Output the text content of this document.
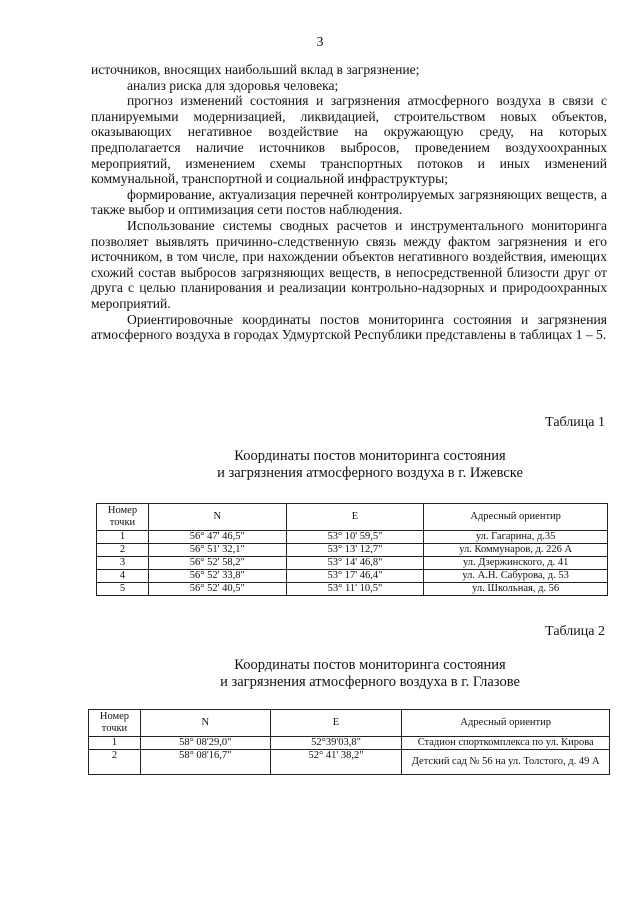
3

источников, вносящих наибольший вклад в загрязнение;

анализ риска для здоровья человека;

прогноз изменений состояния и загрязнения атмосферного воздуха в связи с планируемыми модернизацией, ликвидацией, строительством новых объектов, оказывающих негативное воздействие на окружающую среду, на которых предполагается наличие источников выбросов, проведением воздухоохранных мероприятий, изменением схемы транспортных потоков и иных изменений коммунальной, транспортной и социальной инфраструктуры;

формирование, актуализация перечней контролируемых загрязняющих веществ, а также выбор и оптимизация сети постов наблюдения.

Использование системы сводных расчетов и инструментального мониторинга позволяет выявлять причинно-следственную связь между фактом загрязнения и его источником, в том числе, при нахождении объектов негативного воздействия, имеющих схожий состав выбросов загрязняющих веществ, в непосредственной близости друг от друга с целью планирования и реализации контрольно-надзорных и природоохранных мероприятий.

Ориентировочные координаты постов мониторинга состояния и загрязнения атмосферного воздуха в городах Удмуртской Республики представлены в таблицах 1 – 5.

Таблица 1
Координаты постов мониторинга состояния
и загрязнения атмосферного воздуха в г. Ижевске
Номер точки	N	E	Адресный ориентир
1	56° 47' 46,5"	53° 10' 59,5"	ул. Гагарина, д.35
2	56° 51' 32,1"	53° 13' 12,7"	ул. Коммунаров, д. 226 А
3	56° 52' 58,2"	53° 14' 46,8"	ул. Дзержинского, д. 41
4	56° 52' 33,8"	53° 17' 46,4"	ул. А.Н. Сабурова, д. 53
5	56° 52' 40,5"	53° 11' 10,5"	ул. Школьная, д. 56
Таблица 2
Координаты постов мониторинга состояния
и загрязнения атмосферного воздуха в г. Глазове
Номер точки	N	E	Адресный ориентир
1	58° 08'29,0"	52°39'03,8"	Стадион спорткомплекса по ул. Кирова
2	58° 08'16,7"	52° 41' 38,2"	Детский сад № 56 на ул. Толстого, д. 49 А
